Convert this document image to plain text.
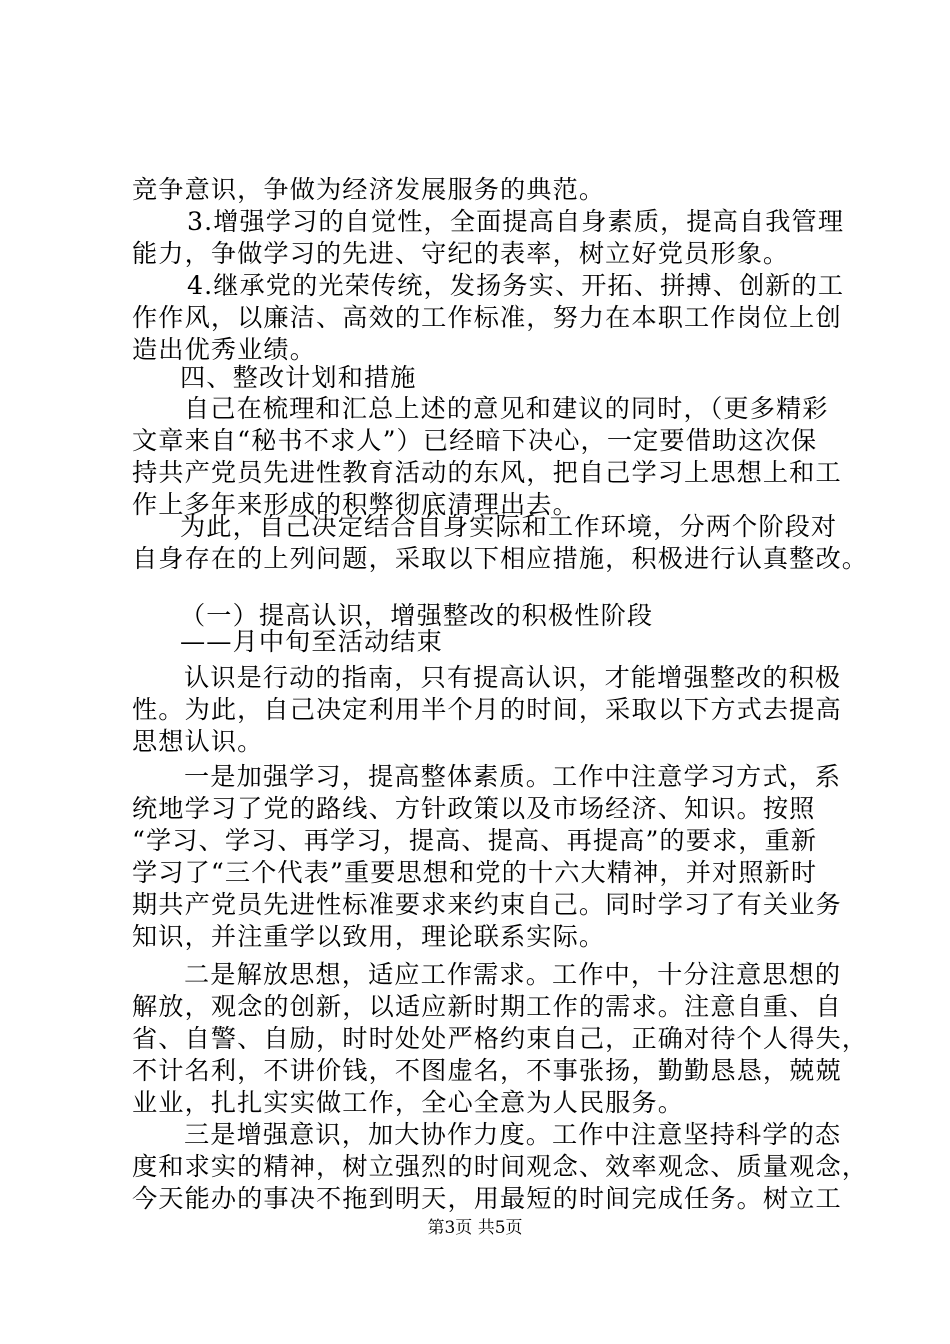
竞争意识，争做为经济发展服务的典范。
3.增强学习的自觉性，全面提高自身素质，提高自我管理
能力，争做学习的先进、守纪的表率，树立好党员形象。
4.继承党的光荣传统，发扬务实、开拓、拼搏、创新的工
作作风，以廉洁、高效的工作标准，努力在本职工作岗位上创
造出优秀业绩。
四、整改计划和措施
自己在梳理和汇总上述的意见和建议的同时，（更多精彩
文章来自“秘书不求人”）已经暗下决心，一定要借助这次保
持共产党员先进性教育活动的东风，把自己学习上思想上和工
作上多年来形成的积弊彻底清理出去。
为此，自己决定结合自身实际和工作环境，分两个阶段对
自身存在的上列问题，采取以下相应措施，积极进行认真整改。
（一）提高认识，增强整改的积极性阶段
——月中旬至活动结束
认识是行动的指南，只有提高认识，才能增强整改的积极
性。为此，自己决定利用半个月的时间，采取以下方式去提高
思想认识。
一是加强学习，提高整体素质。工作中注意学习方式，系
统地学习了党的路线、方针政策以及市场经济、知识。按照
“学习、学习、再学习，提高、提高、再提高”的要求，重新
学习了“三个代表”重要思想和党的十六大精神，并对照新时
期共产党员先进性标准要求来约束自己。同时学习了有关业务
知识，并注重学以致用，理论联系实际。
二是解放思想，适应工作需求。工作中，十分注意思想的
解放，观念的创新，以适应新时期工作的需求。注意自重、自
省、自警、自励，时时处处严格约束自己，正确对待个人得失，
不计名利，不讲价钱，不图虚名，不事张扬，勤勤恳恳，兢兢
业业，扎扎实实做工作，全心全意为人民服务。
三是增强意识，加大协作力度。工作中注意坚持科学的态
度和求实的精神，树立强烈的时间观念、效率观念、质量观念，
今天能办的事决不拖到明天，用最短的时间完成任务。树立工
第3页 共5页
